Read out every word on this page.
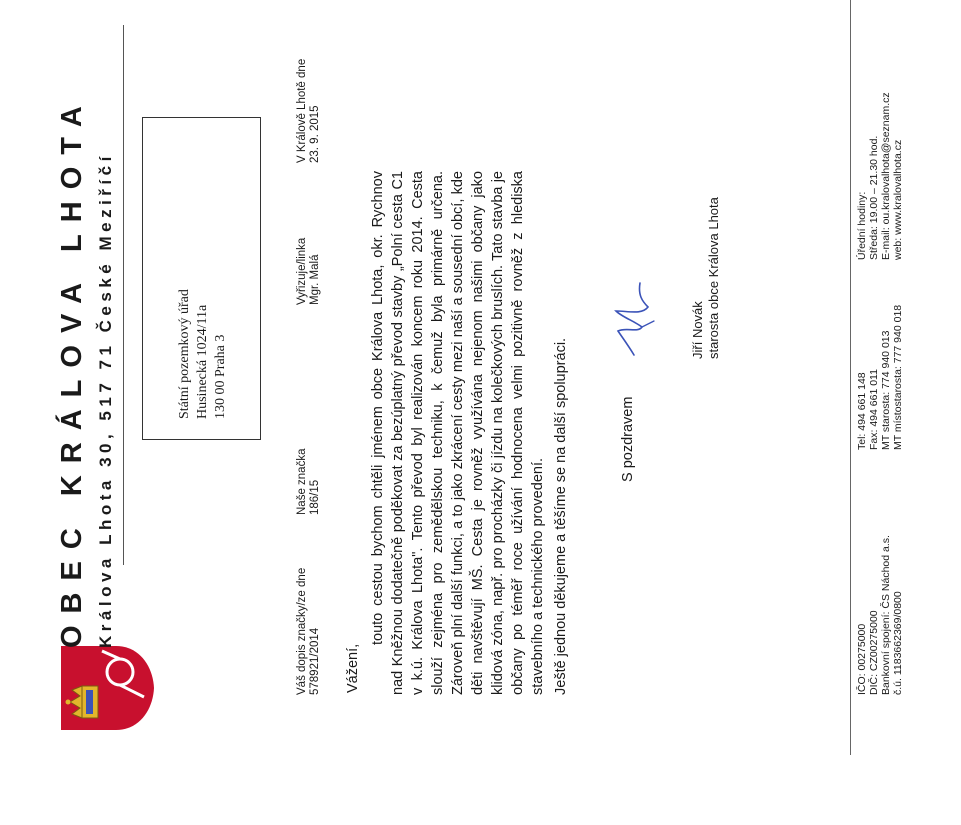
OBEC KRÁLOVA LHOTA Králova Lhota 30, 517 71 České Meziříčí	Státní pozemkový úřad Husinecká 1024/11a 130 00 Praha 3
Váš dopis značky/ze dne 578921/2014
Naše značka 186/15
Vyřizuje/linka Mgr. Malá
V Králově Lhotě dne 23. 9. 2015
Vážení,

touto cestou bychom chtěli jménem obce Králova Lhota, okr. Rychnov nad Kněžnou dodatečně poděkovat za bezúplatný převod stavby „Polní cesta C1 v k.ú. Králova Lhota". Tento převod byl realizován koncem roku 2014. Cesta slouží zejména pro zemědělskou techniku, k čemuž byla primárně určena. Zároveň plní další funkci, a to jako zkrácení cesty mezi naší a sousední obcí, kde děti navštěvují MŠ. Cesta je rovněž využívána nejenom našimi občany jako klidová zóna, např. pro procházky či jízdu na kolečkových bruslích. Tato stavba je občany po téměř roce užívání hodnocena velmi pozitivně rovněž z hlediska stavebního a technického provedení. Ještě jednou děkujeme a těšíme se na další spolupráci.	S pozdravem
Jiří Novák starosta obce Králova Lhota
IČO: 00275000 DIČ: CZ00275000 Bankovní spojení: ČS Náchod a.s. č.ú. 1183662369/0800
Tel: 494 661 148 Fax: 494 661 011 MT starosta: 774 940 013 MT místostarosta: 777 940 018
Úřední hodiny: Středa: 19.00 – 21.30 hod. E-mail: ou.kralovalhota@seznam.cz web: www.kralovalhota.cz
